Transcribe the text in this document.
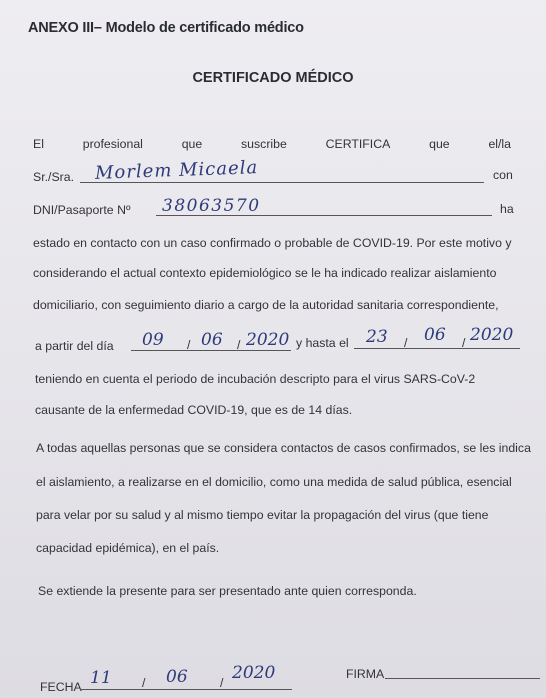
ANEXO III– Modelo de certificado médico
CERTIFICADO MÉDICO
El	profesional	que	suscribe	CERTIFICA	que	el/la
Sr./Sra. Morlem Micaela	con
DNI/Pasaporte Nº 38063570	ha
estado en contacto con un caso confirmado o probable de COVID-19. Por este motivo y
considerando el actual contexto epidemiológico se le ha indicado realizar aislamiento
domiciliario, con seguimiento diario a cargo de la autoridad sanitaria correspondiente,
a partir del día 09 / 06 / 2020 y hasta el 23 / 06 / 2020
teniendo en cuenta el periodo de incubación descripto para el virus SARS-CoV-2
causante de la enfermedad COVID-19, que es de 14 días.
A todas aquellas personas que se considera contactos de casos confirmados, se les indica
el aislamiento, a realizarse en el domicilio, como una medida de salud pública, esencial
para velar por su salud y al mismo tiempo evitar la propagación del virus (que tiene
capacidad epidémica), en el país.
Se extiende la presente para ser presentado ante quien corresponda.
FECHA 11 / 06	/ 2020	FIRMA
